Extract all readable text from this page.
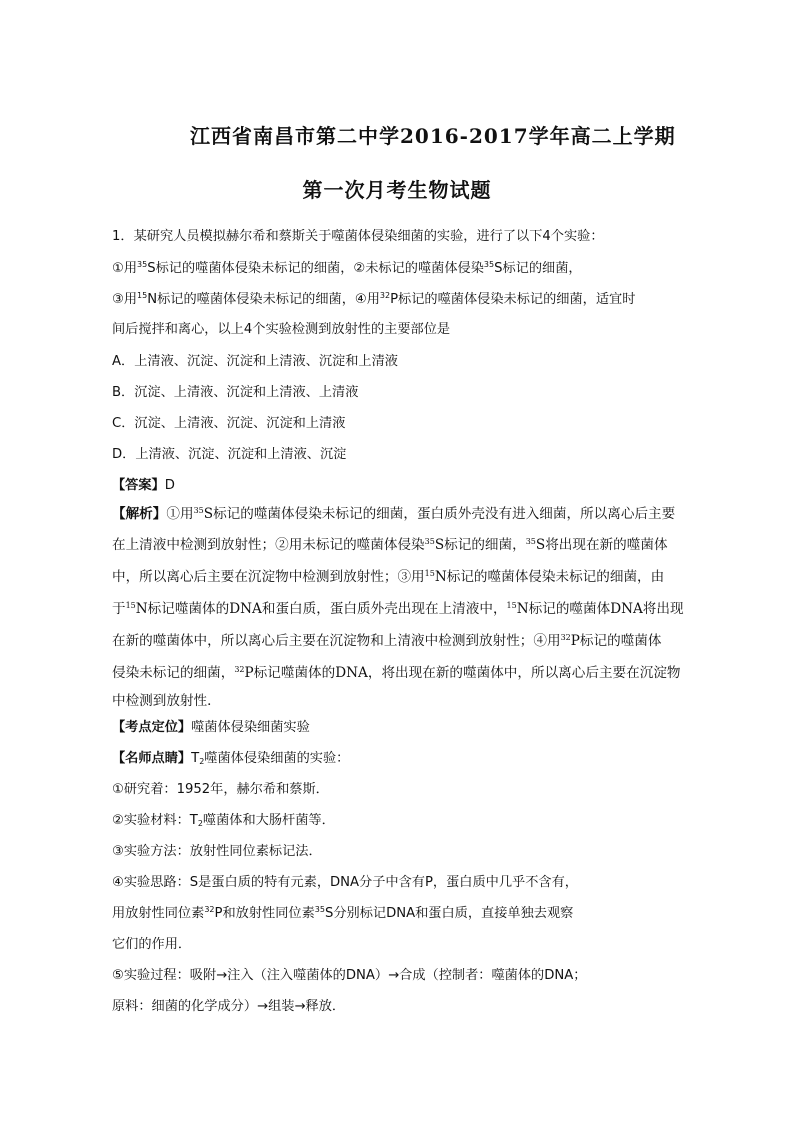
江西省南昌市第二中学2016-2017学年高二上学期
第一次月考生物试题
1．某研究人员模拟赫尔希和蔡斯关于噬菌体侵染细菌的实验，进行了以下4个实验：
①用$^{35}$S标记的噬菌体侵染未标记的细菌，②未标记的噬菌体侵染$^{35}$S标记的细菌，
③用$^{15}$N标记的噬菌体侵染未标记的细菌，④用$^{32}$P标记的噬菌体侵染未标记的细菌，适宜时
间后搅拌和离心，以上4个实验检测到放射性的主要部位是
A．上清液、沉淀、沉淀和上清液、沉淀和上清液
B．沉淀、上清液、沉淀和上清液、上清液
C．沉淀、上清液、沉淀、沉淀和上清液
D．上清液、沉淀、沉淀和上清液、沉淀
【答案】D
【解析】①用$^{35}$S标记的噬菌体侵染未标记的细菌，蛋白质外壳没有进入细菌，所以离心后主要
在上清液中检测到放射性；②用未标记的噬菌体侵染$^{35}$S标记的细菌，$^{35}$S将出现在新的噬菌体
中，所以离心后主要在沉淀物中检测到放射性；③用$^{15}$N标记的噬菌体侵染未标记的细菌，由
于$^{15}$N标记噬菌体的DNA和蛋白质，蛋白质外壳出现在上清液中，$^{15}$N标记的噬菌体DNA将出现
在新的噬菌体中，所以离心后主要在沉淀物和上清液中检测到放射性；④用$^{32}$P标记的噬菌体
侵染未标记的细菌，$^{32}$P标记噬菌体的DNA，将出现在新的噬菌体中，所以离心后主要在沉淀物
中检测到放射性．
【考点定位】噬菌体侵染细菌实验
【名师点睛】$T_2$噬菌体侵染细菌的实验：
①研究着：1952年，赫尔希和蔡斯．
②实验材料：$T_2$噬菌体和大肠杆菌等．
③实验方法：放射性同位素标记法．
④实验思路：S是蛋白质的特有元素，DNA分子中含有P，蛋白质中几乎不含有，
用放射性同位素$^{32}$P和放射性同位素$^{35}$S分别标记DNA和蛋白质，直接单独去观察
它们的作用．
⑤实验过程：吸附→注入（注入噬菌体的DNA）→合成（控制者：噬菌体的DNA；
原料：细菌的化学成分）→组装→释放．
